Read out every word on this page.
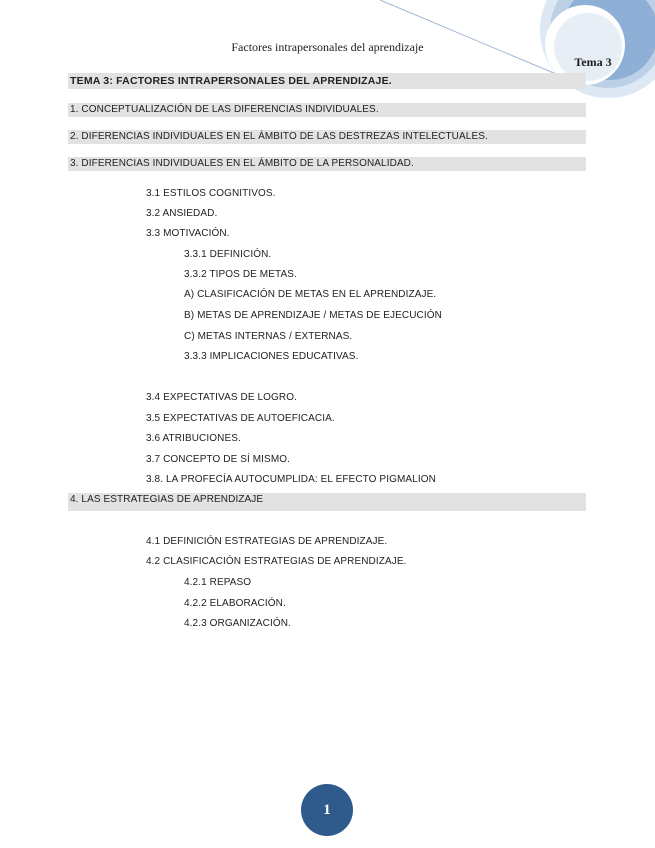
Factores intrapersonales del aprendizaje
Tema 3
TEMA 3: FACTORES INTRAPERSONALES DEL APRENDIZAJE.
1. CONCEPTUALIZACIÓN DE LAS DIFERENCIAS INDIVIDUALES.
2. DIFERENCIAS INDIVIDUALES EN EL ÁMBITO DE LAS DESTREZAS INTELECTUALES.
3. DIFERENCIAS INDIVIDUALES EN EL ÁMBITO DE LA PERSONALIDAD.
3.1 ESTILOS COGNITIVOS.
3.2 ANSIEDAD.
3.3 MOTIVACIÓN.
3.3.1 DEFINICIÓN.
3.3.2 TIPOS DE METAS.
A) CLASIFICACIÓN DE METAS EN EL APRENDIZAJE.
B) METAS DE APRENDIZAJE / METAS DE EJECUCIÓN
C) METAS INTERNAS / EXTERNAS.
3.3.3 IMPLICACIONES EDUCATIVAS.
3.4 EXPECTATIVAS DE LOGRO.
3.5 EXPECTATIVAS DE AUTOEFICACIA.
3.6 ATRIBUCIONES.
3.7 CONCEPTO DE SÍ MISMO.
3.8. LA PROFECÍA AUTOCUMPLIDA: EL EFECTO PIGMALION
4. LAS ESTRATEGIAS DE APRENDIZAJE
4.1 DEFINICIÓN ESTRATEGIAS DE APRENDIZAJE.
4.2 CLASIFICACIÓN ESTRATEGIAS DE APRENDIZAJE.
4.2.1 REPASO
4.2.2 ELABORACIÓN.
4.2.3 ORGANIZACIÓN.
1
